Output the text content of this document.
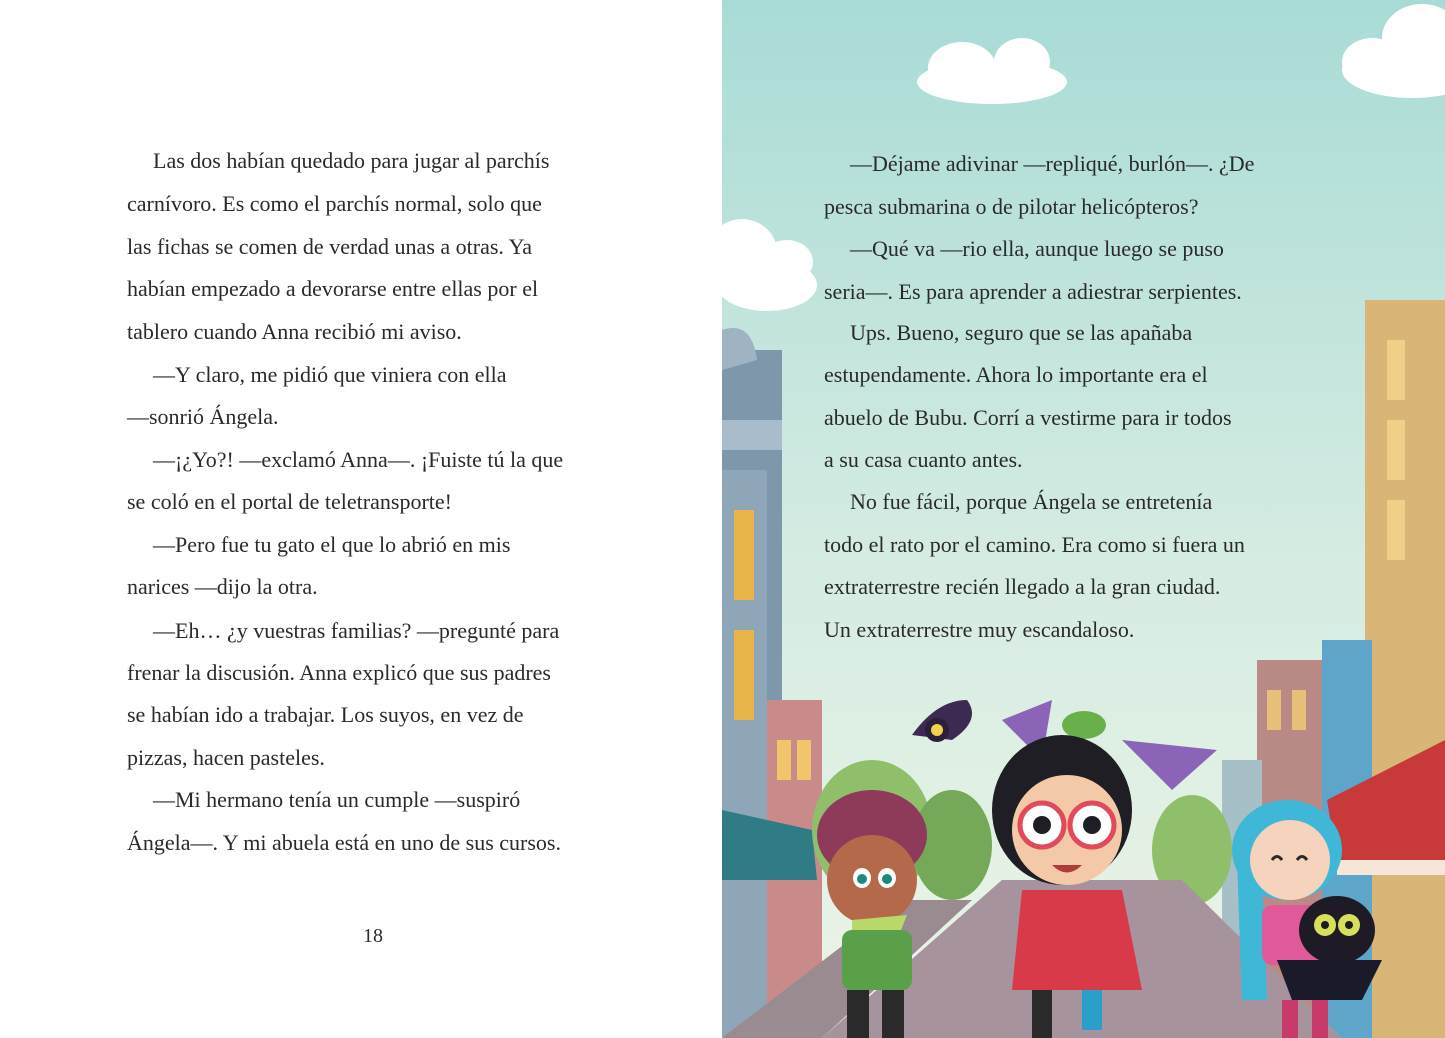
Las dos habían quedado para jugar al parchís
carnívoro. Es como el parchís normal, solo que
las fichas se comen de verdad unas a otras. Ya
habían empezado a devorarse entre ellas por el
tablero cuando Anna recibió mi aviso.
—Y claro, me pidió que viniera con ella
—sonrió Ángela.
—¡¿Yo?! —exclamó Anna—. ¡Fuiste tú la que
se coló en el portal de teletransporte!
—Pero fue tu gato el que lo abrió en mis
narices —dijo la otra.
—Eh… ¿y vuestras familias? —pregunté para
frenar la discusión. Anna explicó que sus padres
se habían ido a trabajar. Los suyos, en vez de
pizzas, hacen pasteles.
—Mi hermano tenía un cumple —suspiró
Ángela—. Y mi abuela está en uno de sus cursos.
18
—Déjame adivinar —repliqué, burlón—. ¿De
pesca submarina o de pilotar helicópteros?
—Qué va —rio ella, aunque luego se puso
seria—. Es para aprender a adiestrar serpientes.
Ups. Bueno, seguro que se las apañaba
estupendamente. Ahora lo importante era el
abuelo de Bubu. Corrí a vestirme para ir todos
a su casa cuanto antes.
No fue fácil, porque Ángela se entretenía
todo el rato por el camino. Era como si fuera un
extraterrestre recién llegado a la gran ciudad.
Un extraterrestre muy escandaloso.
